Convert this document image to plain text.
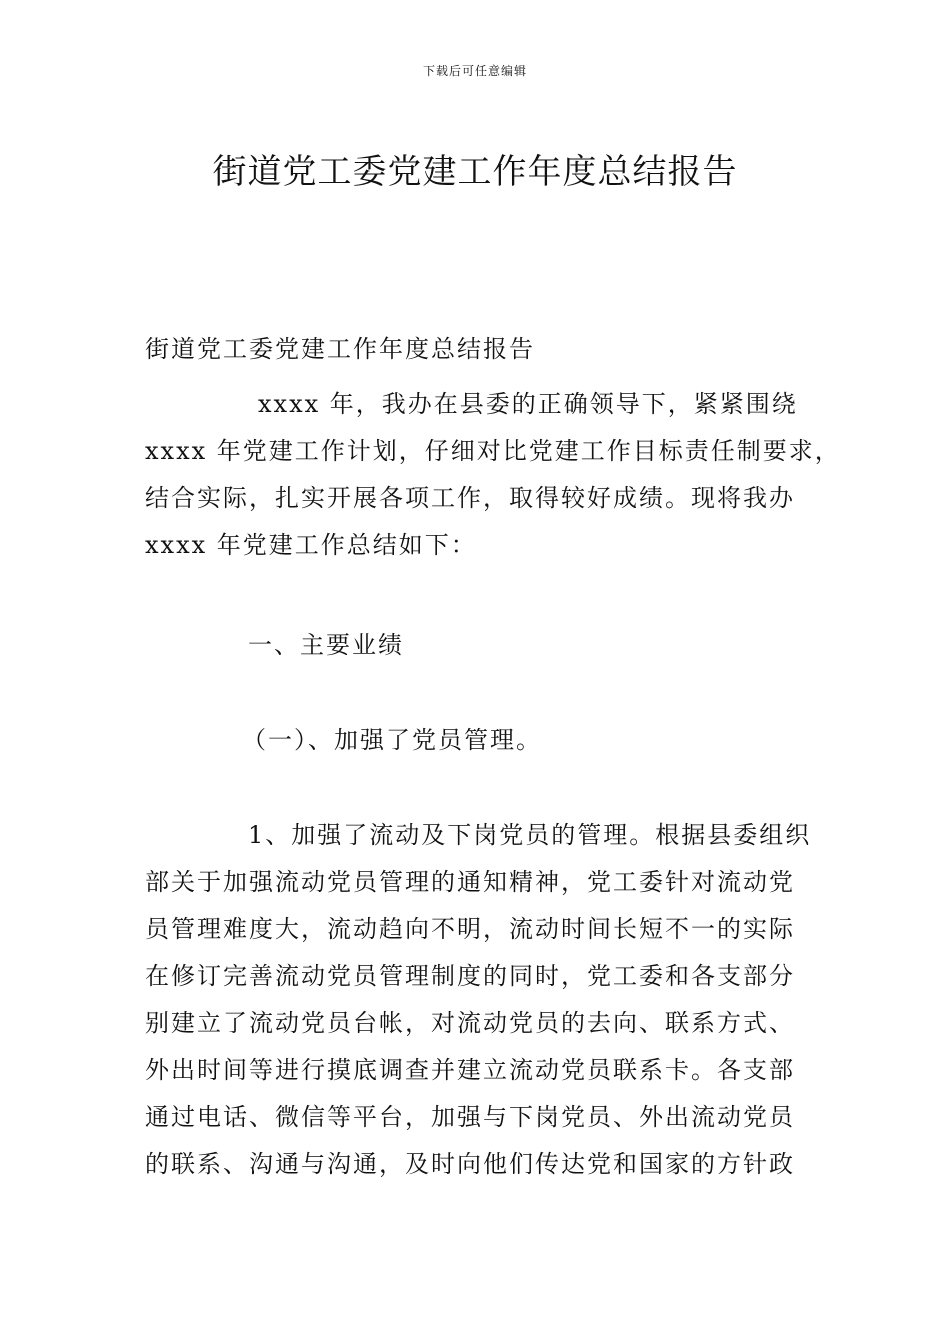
下载后可任意编辑
街道党工委党建工作年度总结报告

街道党工委党建工作年度总结报告

xxxx 年，我办在县委的正确领导下，紧紧围绕

xxxx 年党建工作计划，仔细对比党建工作目标责任制要求，

结合实际，扎实开展各项工作，取得较好成绩。现将我办

xxxx 年党建工作总结如下：

一、主要业绩

（一）、加强了党员管理。

1、加强了流动及下岗党员的管理。根据县委组织

部关于加强流动党员管理的通知精神，党工委针对流动党

员管理难度大，流动趋向不明，流动时间长短不一的实际

在修订完善流动党员管理制度的同时，党工委和各支部分

别建立了流动党员台帐，对流动党员的去向、联系方式、

外出时间等进行摸底调查并建立流动党员联系卡。各支部

通过电话、微信等平台，加强与下岗党员、外出流动党员

的联系、沟通与沟通，及时向他们传达党和国家的方针政
